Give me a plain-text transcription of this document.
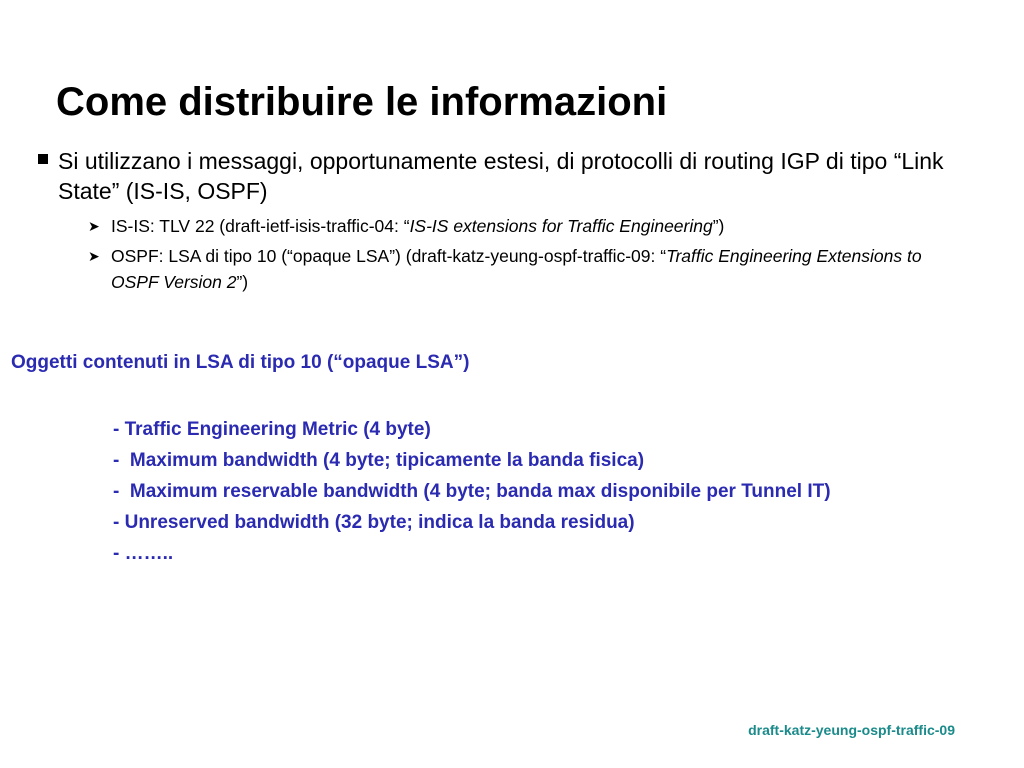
Come distribuire le informazioni
Si utilizzano i messaggi, opportunamente estesi, di protocolli di routing IGP di tipo “Link State” (IS-IS, OSPF)
➤ IS-IS: TLV 22 (draft-ietf-isis-traffic-04: “IS-IS extensions for Traffic Engineering”)
➤ OSPF: LSA di tipo 10 (“opaque LSA”) (draft-katz-yeung-ospf-traffic-09: “Traffic Engineering Extensions to OSPF Version 2”)
Oggetti contenuti in LSA di tipo 10 (“opaque LSA”)
- Traffic Engineering Metric (4 byte)
-  Maximum bandwidth (4 byte; tipicamente la banda fisica)
-  Maximum reservable bandwidth (4 byte; banda max disponibile per Tunnel IT)
- Unreserved bandwidth (32 byte; indica la banda residua)
- ……..
draft-katz-yeung-ospf-traffic-09
